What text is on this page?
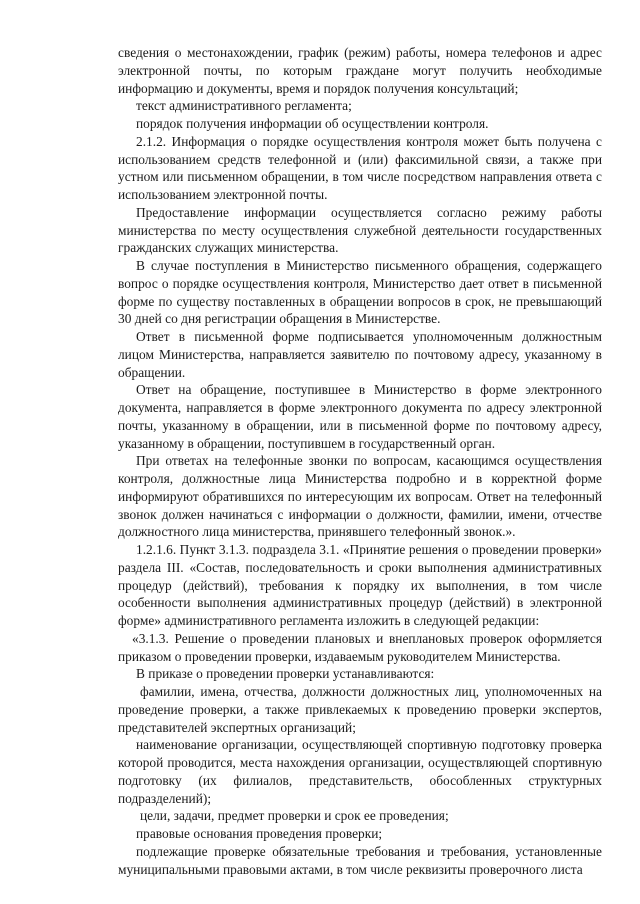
сведения о местонахождении, график (режим) работы, номера телефонов и адрес электронной почты, по которым граждане могут получить необходимые информацию и документы, время и порядок получения консультаций;

текст административного регламента;

порядок получения информации об осуществлении контроля.

2.1.2. Информация о порядке осуществления контроля может быть получена с использованием средств телефонной и (или) факсимильной связи, а также при устном или письменном обращении, в том числе посредством направления ответа с использованием электронной почты.

Предоставление информации осуществляется согласно режиму работы министерства по месту осуществления служебной деятельности государственных гражданских служащих министерства.

В случае поступления в Министерство письменного обращения, содержащего вопрос о порядке осуществления контроля, Министерство дает ответ в письменной форме по существу поставленных в обращении вопросов в срок, не превышающий 30 дней со дня регистрации обращения в Министерстве.

Ответ в письменной форме подписывается уполномоченным должностным лицом Министерства, направляется заявителю по почтовому адресу, указанному в обращении.

Ответ на обращение, поступившее в Министерство в форме электронного документа, направляется в форме электронного документа по адресу электронной почты, указанному в обращении, или в письменной форме по почтовому адресу, указанному в обращении, поступившем в государственный орган.

При ответах на телефонные звонки по вопросам, касающимся осуществления контроля, должностные лица Министерства подробно и в корректной форме информируют обратившихся по интересующим их вопросам. Ответ на телефонный звонок должен начинаться с информации о должности, фамилии, имени, отчестве должностного лица министерства, принявшего телефонный звонок.».

1.2.1.6. Пункт 3.1.3. подраздела 3.1. «Принятие решения о проведении проверки» раздела III. «Состав, последовательность и сроки выполнения административных процедур (действий), требования к порядку их выполнения, в том числе особенности выполнения административных процедур (действий) в электронной форме» административного регламента изложить в следующей редакции:

«3.1.3. Решение о проведении плановых и внеплановых проверок оформляется приказом о проведении проверки, издаваемым руководителем Министерства.

В приказе о проведении проверки устанавливаются:

фамилии, имена, отчества, должности должностных лиц, уполномоченных на проведение проверки, а также привлекаемых к проведению проверки экспертов, представителей экспертных организаций;

наименование организации, осуществляющей спортивную подготовку проверка которой проводится, места нахождения организации, осуществляющей спортивную подготовку (их филиалов, представительств, обособленных структурных подразделений);

цели, задачи, предмет проверки и срок ее проведения;

правовые основания проведения проверки;

подлежащие проверке обязательные требования и требования, установленные муниципальными правовыми актами, в том числе реквизиты проверочного листа
